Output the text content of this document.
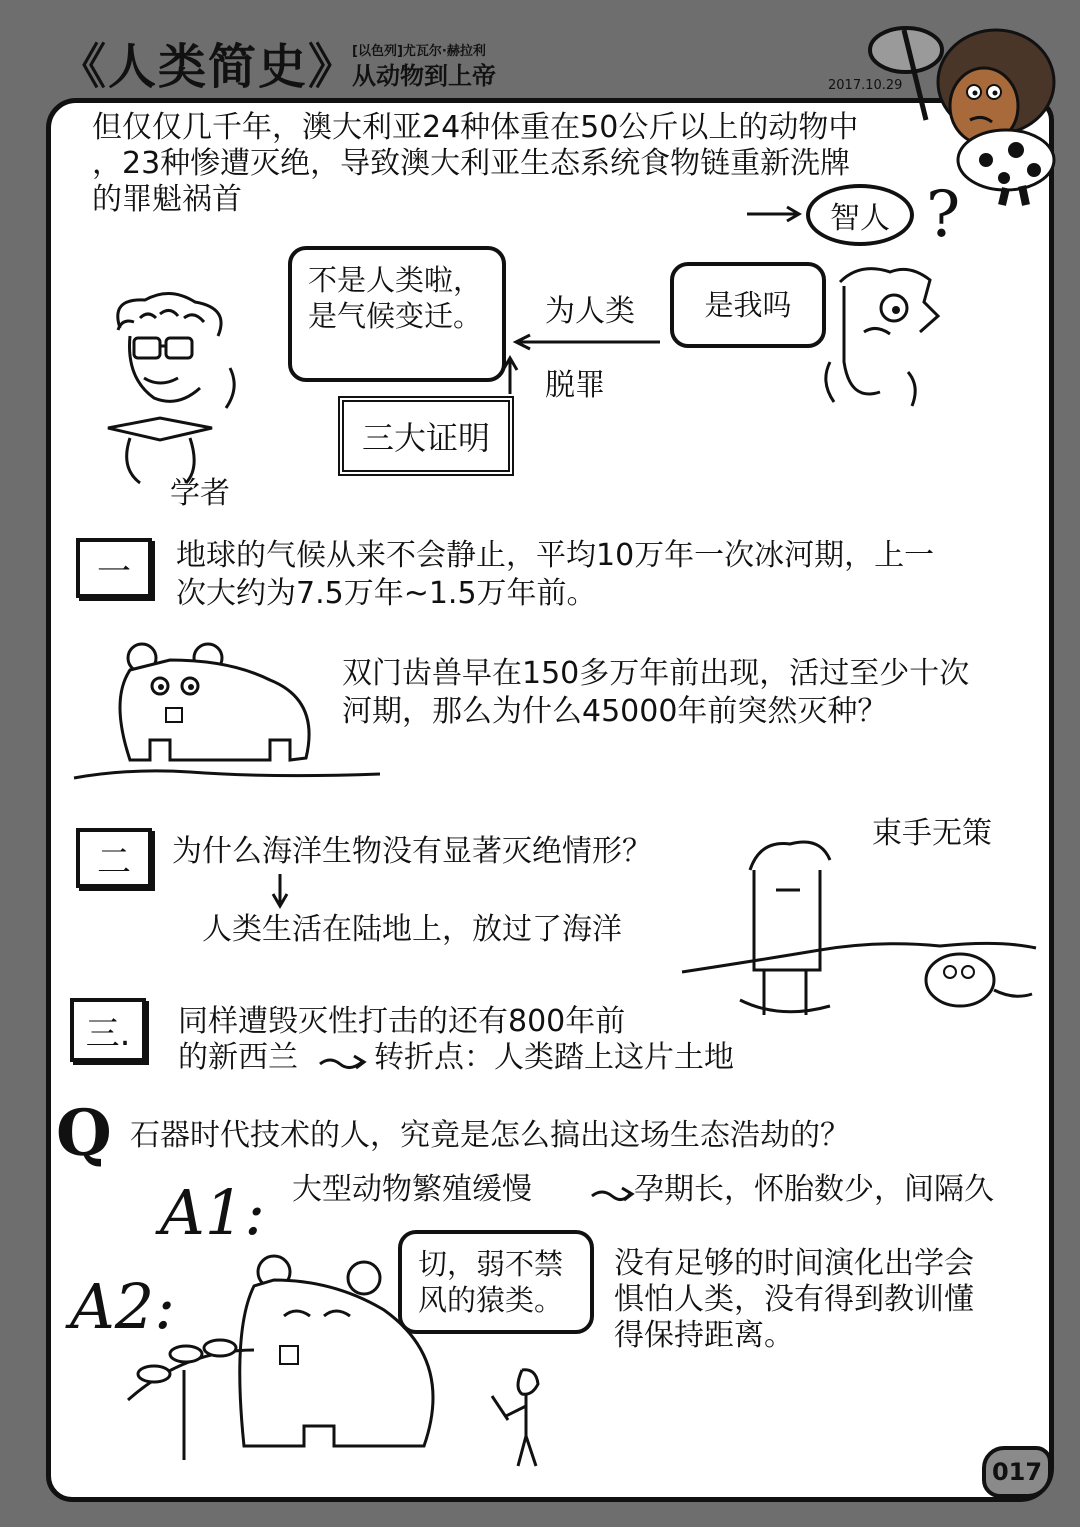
《人类简史》
[以色列]尤瓦尔·赫拉利
从动物到上帝	2017.10.29
但仅仅几千年，澳大利亚24种体重在50公斤以上的动物中
，23种惨遭灭绝，导致澳大利亚生态系统食物链重新洗牌
的罪魁祸首
智人 ?
学者
不是人类啦，
是气候变迁。 为人类
脱罪
三大证明
是我吗
一 地球的气候从来不会静止，平均10万年一次冰河期，上一
次大约为7.5万年~1.5万年前。
双门齿兽早在150多万年前出现，活过至少十次
河期，那么为什么45000年前突然灭种？
二 为什么海洋生物没有显著灭绝情形？
人类生活在陆地上，放过了海洋
束手无策
三. 同样遭毁灭性打击的还有800年前
的新西兰	转折点：人类踏上这片土地
Q 石器时代技术的人，究竟是怎么搞出这场生态浩劫的？
A1: 大型动物繁殖缓慢	孕期长，怀胎数少，间隔久
A2:
切，弱不禁
风的猿类。
没有足够的时间演化出学会
惧怕人类，没有得到教训懂
得保持距离。
017
